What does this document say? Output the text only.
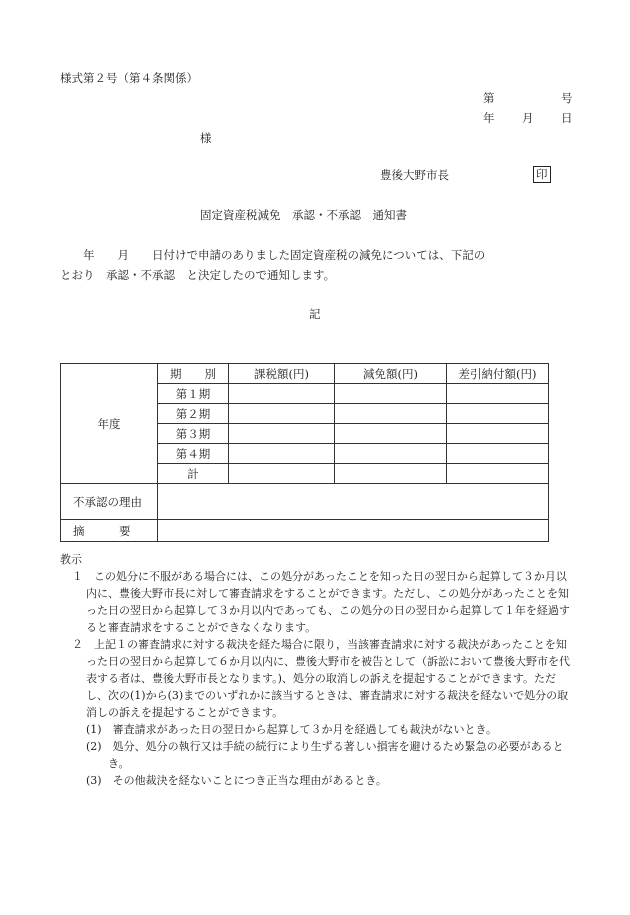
様式第２号（第４条関係）
第	号
年 月 日
様
豊後大野市長	印
固定資産税減免　承認・不承認　通知書
　　年　　月　　日付けで申請のありました固定資産税の減免については、下記の
とおり　承認・不承認　と決定したので通知します。
記
年度	期　　別	課税額(円)	減免額(円)	差引納付額(円)
	第１期			
	第２期			
	第３期			
	第４期			
	計			
不承認の理由				
摘　　　要				

教示

１　この処分に不服がある場合には、この処分があったことを知った日の翌日から起算して３か月以内に、豊後大野市長に対して審査請求をすることができます。ただし、この処分があったことを知った日の翌日から起算して３か月以内であっても、この処分の日の翌日から起算して１年を経過すると審査請求をすることができなくなります。

２　上記１の審査請求に対する裁決を経た場合に限り，当該審査請求に対する裁決があったことを知った日の翌日から起算して６か月以内に、豊後大野市を被告として（訴訟において豊後大野市を代表する者は、豊後大野市長となります。)、処分の取消しの訴えを提起することができます。ただし、次の(1)から(3)までのいずれかに該当するときは、審査請求に対する裁決を経ないで処分の取消しの訴えを提起することができます。

(1)　審査請求があった日の翌日から起算して３か月を経過しても裁決がないとき。

(2)　処分、処分の執行又は手続の続行により生ずる著しい損害を避けるため緊急の必要があるとき。

(3)　その他裁決を経ないことにつき正当な理由があるとき。
